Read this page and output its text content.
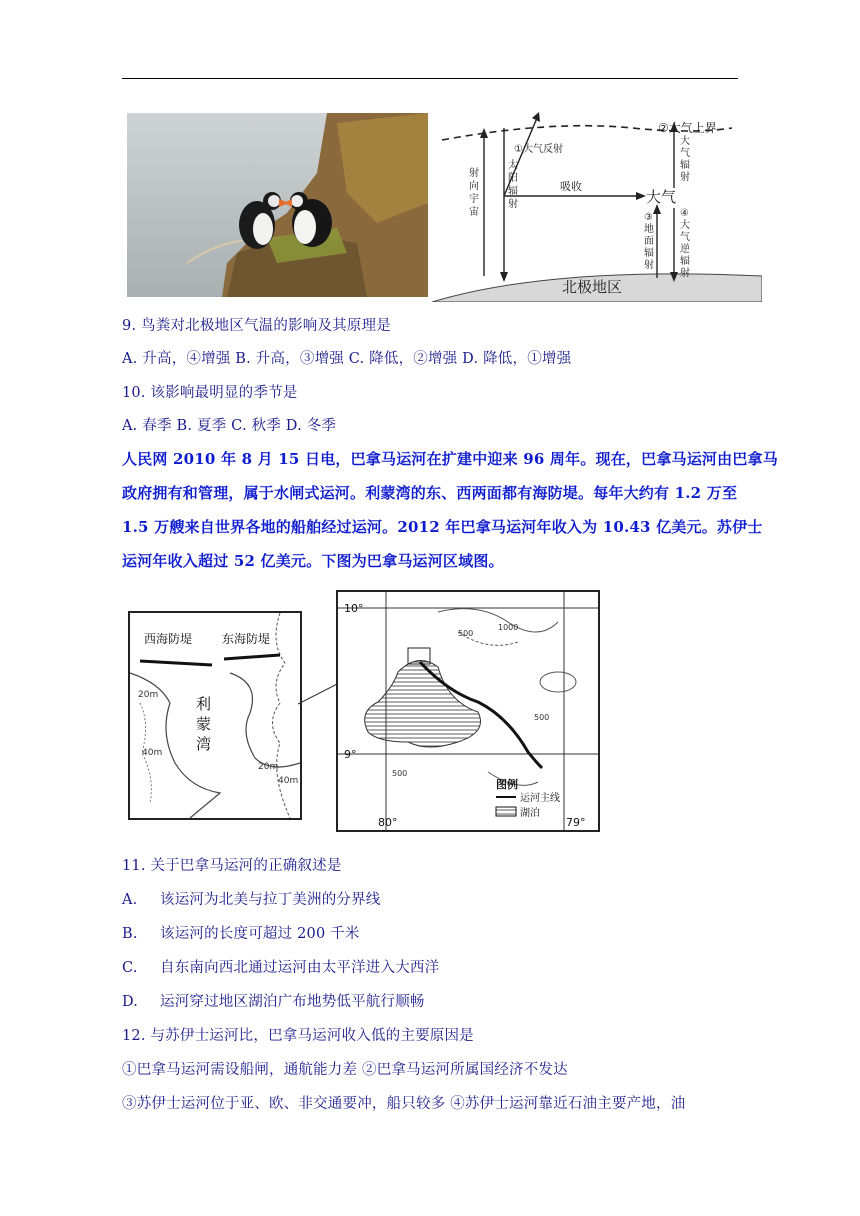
②大气上界
①大气反射
吸收
大气
北极地区
太
阳
辐
射
射
向
宇
宙
大
气
辐
射
③
地
面
辐
射
④
大
气
逆
辐
射
9. 鸟粪对北极地区气温的影响及其原理是
A. 升高，④增强 B. 升高，③增强 C. 降低，②增强 D. 降低，①增强
10. 该影响最明显的季节是
A. 春季 B. 夏季 C. 秋季 D. 冬季
人民网 2010 年 8 月 15 日电，巴拿马运河在扩建中迎来 96 周年。现在，巴拿马运河由巴拿马
政府拥有和管理，属于水闸式运河。利蒙湾的东、西两面都有海防堤。每年大约有 1.2 万至
1.5 万艘来自世界各地的船舶经过运河。2012 年巴拿马运河年收入为 10.43 亿美元。苏伊士
运河年收入超过 52 亿美元。下图为巴拿马运河区域图。
西海防堤 东海防堤
利
蒙
湾
20m
40m
20m
40m
10°
9°
80°	79°
500
1000
500
500
图例
运河主线
湖泊
11. 关于巴拿马运河的正确叙述是
A. 该运河为北美与拉丁美洲的分界线
B. 该运河的长度可超过 200 千米
C. 自东南向西北通过运河由太平洋进入大西洋
D. 运河穿过地区湖泊广布地势低平航行顺畅
12. 与苏伊士运河比，巴拿马运河收入低的主要原因是
①巴拿马运河需设船闸，通航能力差 ②巴拿马运河所属国经济不发达
③苏伊士运河位于亚、欧、非交通要冲，船只较多 ④苏伊士运河靠近石油主要产地，油
